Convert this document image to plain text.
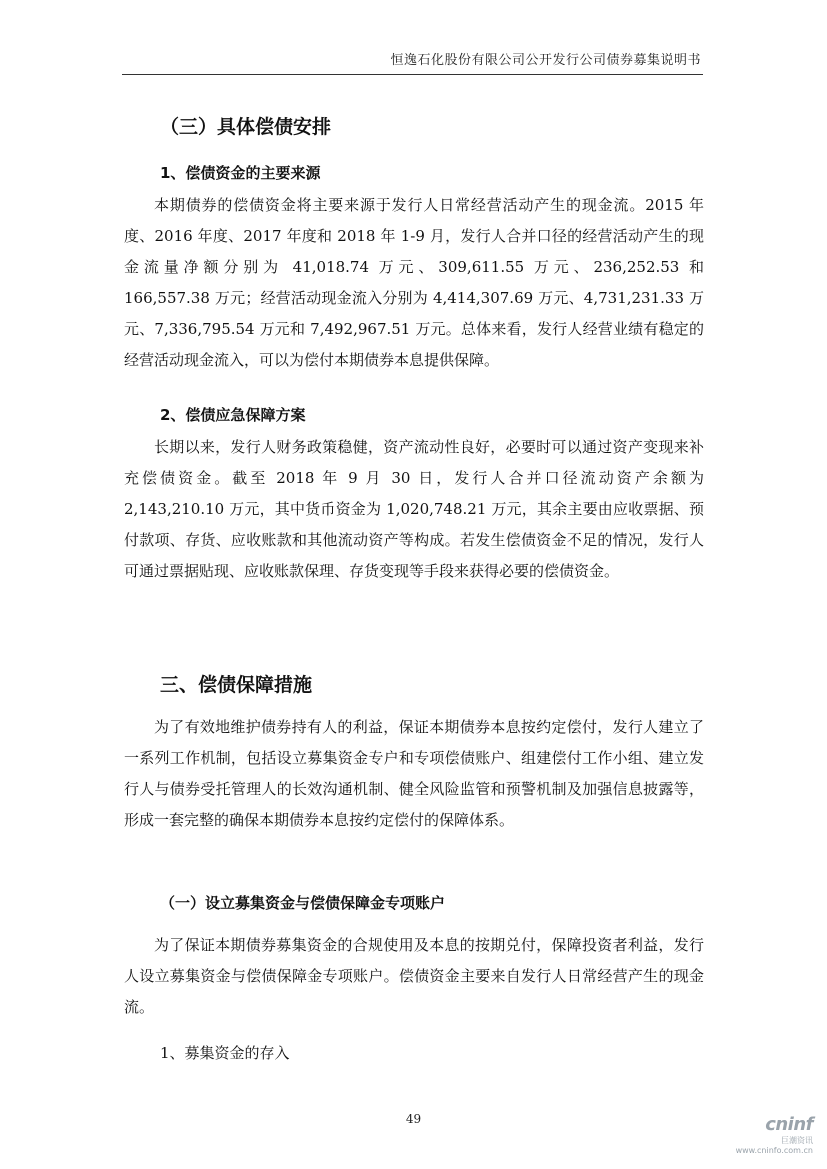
恒逸石化股份有限公司公开发行公司债券募集说明书
（三）具体偿债安排
1、偿债资金的主要来源
本期债券的偿债资金将主要来源于发行人日常经营活动产生的现金流。2015 年度、2016 年度、2017 年度和 2018 年 1-9 月，发行人合并口径的经营活动产生的现金流量净额分别为 41,018.74 万元、309,611.55 万元、236,252.53 和 166,557.38 万元；经营活动现金流入分别为 4,414,307.69 万元、4,731,231.33 万元、7,336,795.54 万元和 7,492,967.51 万元。总体来看，发行人经营业绩有稳定的经营活动现金流入，可以为偿付本期债券本息提供保障。
2、偿债应急保障方案
长期以来，发行人财务政策稳健，资产流动性良好，必要时可以通过资产变现来补充偿债资金。截至 2018 年 9 月 30 日，发行人合并口径流动资产余额为 2,143,210.10 万元，其中货币资金为 1,020,748.21 万元，其余主要由应收票据、预付款项、存货、应收账款和其他流动资产等构成。若发生偿债资金不足的情况，发行人可通过票据贴现、应收账款保理、存货变现等手段来获得必要的偿债资金。
三、偿债保障措施
为了有效地维护债券持有人的利益，保证本期债券本息按约定偿付，发行人建立了一系列工作机制，包括设立募集资金专户和专项偿债账户、组建偿付工作小组、建立发行人与债券受托管理人的长效沟通机制、健全风险监管和预警机制及加强信息披露等，形成一套完整的确保本期债券本息按约定偿付的保障体系。
（一）设立募集资金与偿债保障金专项账户
为了保证本期债券募集资金的合规使用及本息的按期兑付，保障投资者利益，发行人设立募集资金与偿债保障金专项账户。偿债资金主要来自发行人日常经营产生的现金流。
1、募集资金的存入
49	cninf
巨潮资讯
www.cninfo.com.cn
